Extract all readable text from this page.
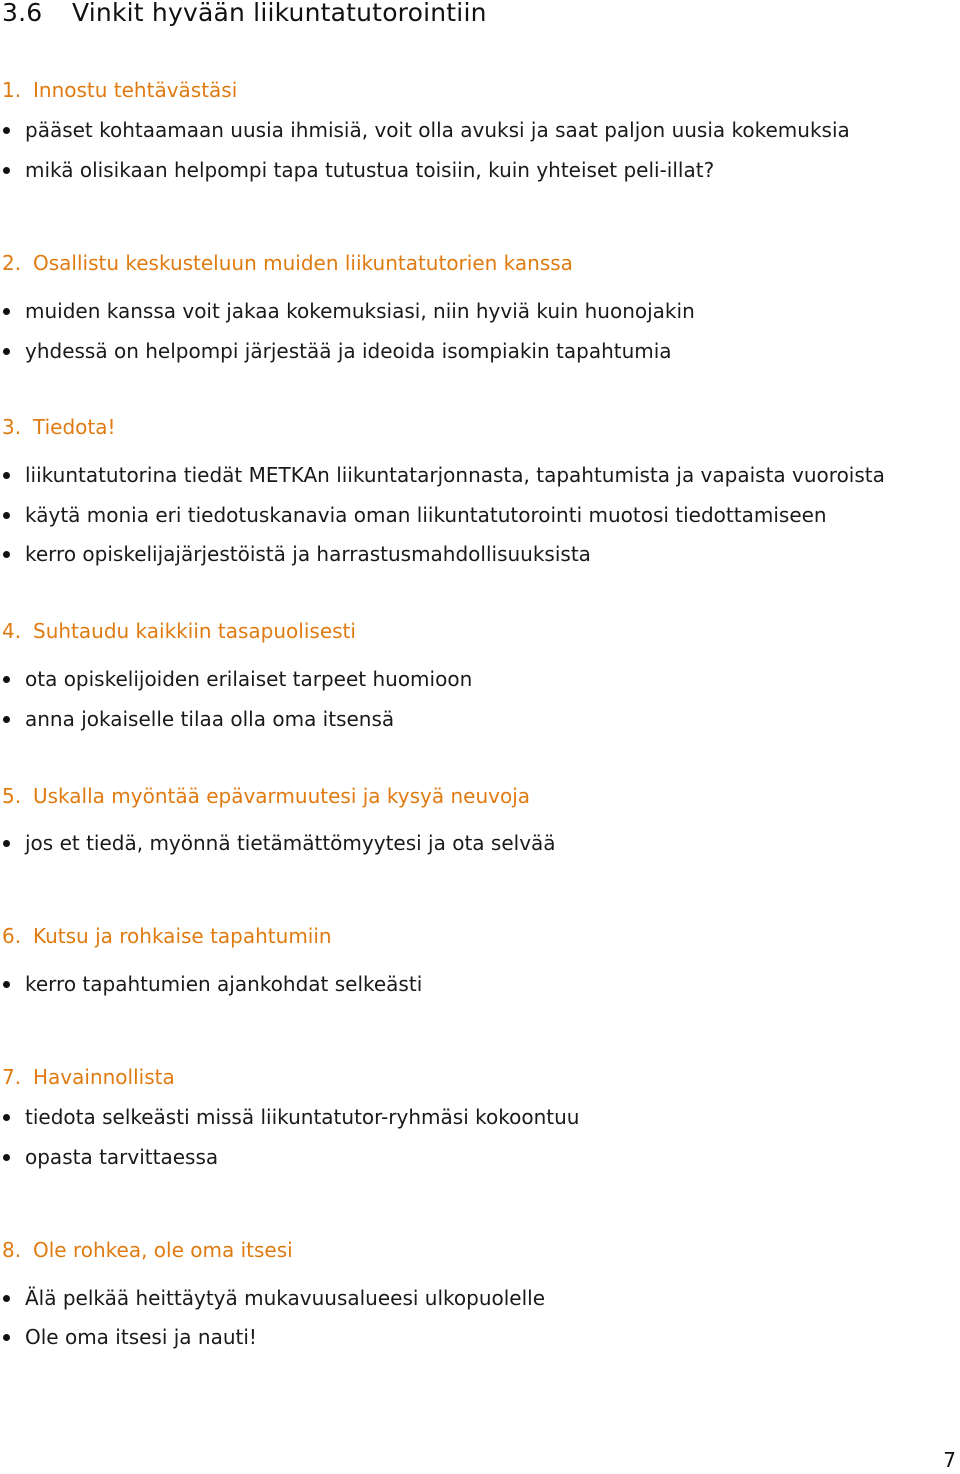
3.6 Vinkit hyvään liikuntatutorointiin
1. Innostu tehtävästäsi

pääset kohtaamaan uusia ihmisiä, voit olla avuksi ja saat paljon uusia kokemuksia

mikä olisikaan helpompi tapa tutustua toisiin, kuin yhteiset peli-illat?

2. Osallistu keskusteluun muiden liikuntatutorien kanssa

muiden kanssa voit jakaa kokemuksiasi, niin hyviä kuin huonojakin

yhdessä on helpompi järjestää ja ideoida isompiakin tapahtumia

3. Tiedota!

liikuntatutorina tiedät METKAn liikuntatarjonnasta, tapahtumista ja vapaista vuoroista

käytä monia eri tiedotuskanavia oman liikuntatutorointi muotosi tiedottamiseen

kerro opiskelijajärjestöistä ja harrastusmahdollisuuksista

4. Suhtaudu kaikkiin tasapuolisesti

ota opiskelijoiden erilaiset tarpeet huomioon

anna jokaiselle tilaa olla oma itsensä

5. Uskalla myöntää epävarmuutesi ja kysyä neuvoja

jos et tiedä, myönnä tietämättömyytesi ja ota selvää

6. Kutsu ja rohkaise tapahtumiin

kerro tapahtumien ajankohdat selkeästi

7. Havainnollista

tiedota selkeästi missä liikuntatutor-ryhmäsi kokoontuu

opasta tarvittaessa

8. Ole rohkea, ole oma itsesi

Älä pelkää heittäytyä mukavuusalueesi ulkopuolelle

Ole oma itsesi ja nauti!

7
